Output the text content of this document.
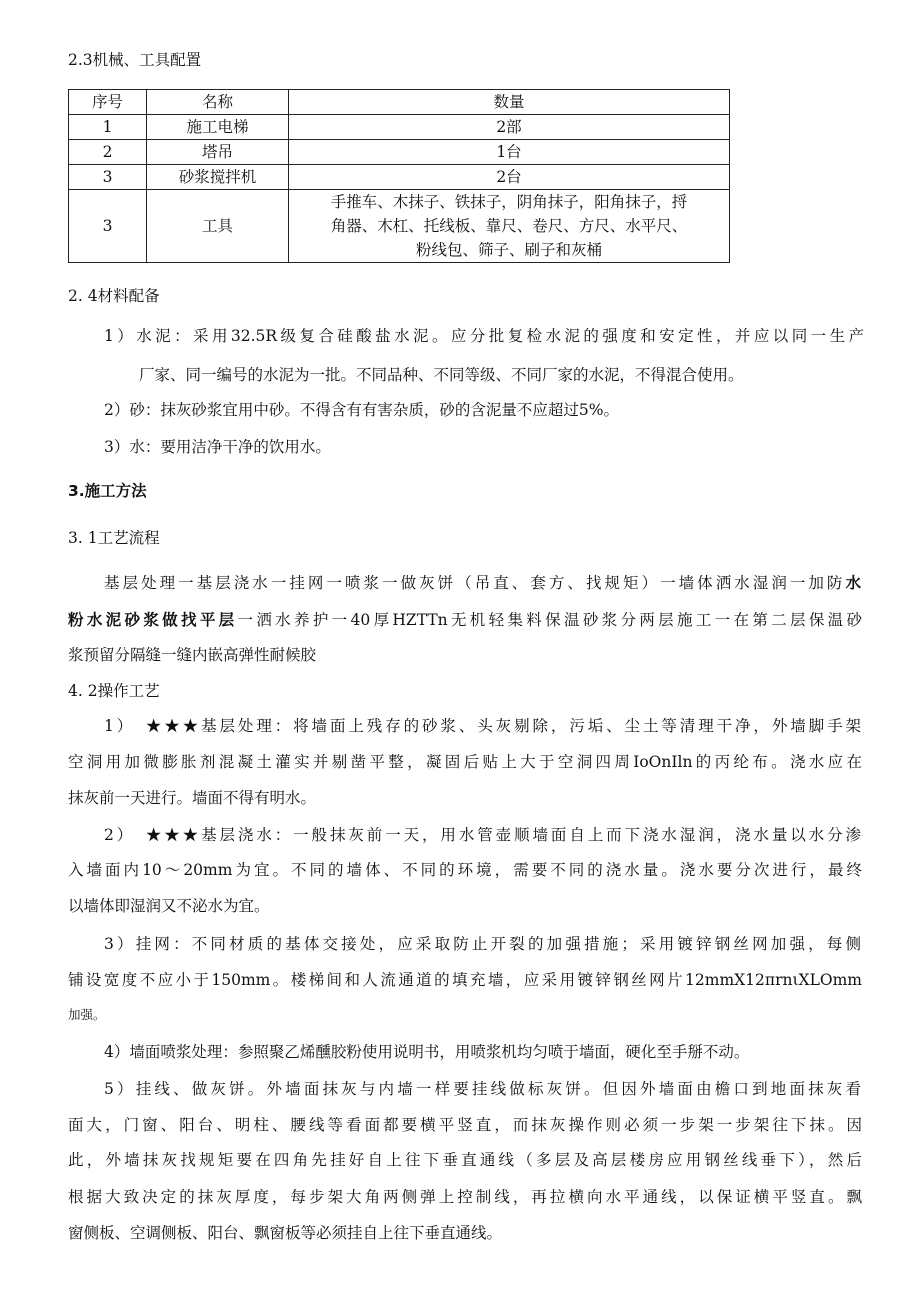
2.3机械、工具配置
序号	名称	数量
1	施工电梯	2部
2	塔吊	1台
3	砂浆搅拌机	2台
3	工具	手推车、木抹子、铁抹子，阴角抹子，阳角抹子，捋
角器、木杠、托线板、靠尺、卷尺、方尺、水平尺、
粉线包、筛子、刷子和灰桶
2. 4材料配备
1）水泥：采用32.5R级复合硅酸盐水泥。应分批复检水泥的强度和安定性，并应以同一生产
厂家、同一编号的水泥为一批。不同品种、不同等级、不同厂家的水泥，不得混合使用。
2）砂：抹灰砂浆宜用中砂。不得含有有害杂质，砂的含泥量不应超过5%。
3）水：要用洁净干净的饮用水。
3.施工方法
3. 1工艺流程
基层处理一基层浇水一挂网一喷浆一做灰饼（吊直、套方、找规矩）一墙体洒水湿润一加防水
粉水泥砂浆做找平层一洒水养护一40厚HZTTn无机轻集料保温砂浆分两层施工一在第二层保温砂
浆预留分隔缝一缝内嵌高弹性耐候胶
4. 2操作工艺
1）　★★★基层处理：将墙面上残存的砂浆、头灰剔除，污垢、尘土等清理干净，外墙脚手架
空洞用加微膨胀剂混凝土灌实并剔凿平整，凝固后贴上大于空洞四周IoOnIln的丙纶布。浇水应在
抹灰前一天进行。墙面不得有明水。
2）　★★★基层浇水：一般抹灰前一天，用水管壶顺墙面自上而下浇水湿润，浇水量以水分渗
入墙面内10～20mm为宜。不同的墙体、不同的环境，需要不同的浇水量。浇水要分次进行，最终
以墙体即湿润又不泌水为宜。
3）挂网：不同材质的基体交接处，应采取防止开裂的加强措施；采用镀锌钢丝网加强，每侧
铺设宽度不应小于150mm。楼梯间和人流通道的填充墙，应采用镀锌钢丝网片12mmX12πrnιXLOmm
加强。
4）墙面喷浆处理：参照聚乙烯醺胶粉使用说明书，用喷浆机均匀喷于墙面，硬化至手掰不动。
5）挂线、做灰饼。外墙面抹灰与内墙一样要挂线做标灰饼。但因外墙面由檐口到地面抹灰看
面大，门窗、阳台、明柱、腰线等看面都要横平竖直，而抹灰操作则必须一步架一步架往下抹。因
此，外墙抹灰找规矩要在四角先挂好自上往下垂直通线（多层及高层楼房应用钢丝线垂下），然后
根据大致决定的抹灰厚度，每步架大角两侧弹上控制线，再拉横向水平通线，以保证横平竖直。飘
窗侧板、空调侧板、阳台、飘窗板等必须挂自上往下垂直通线。
